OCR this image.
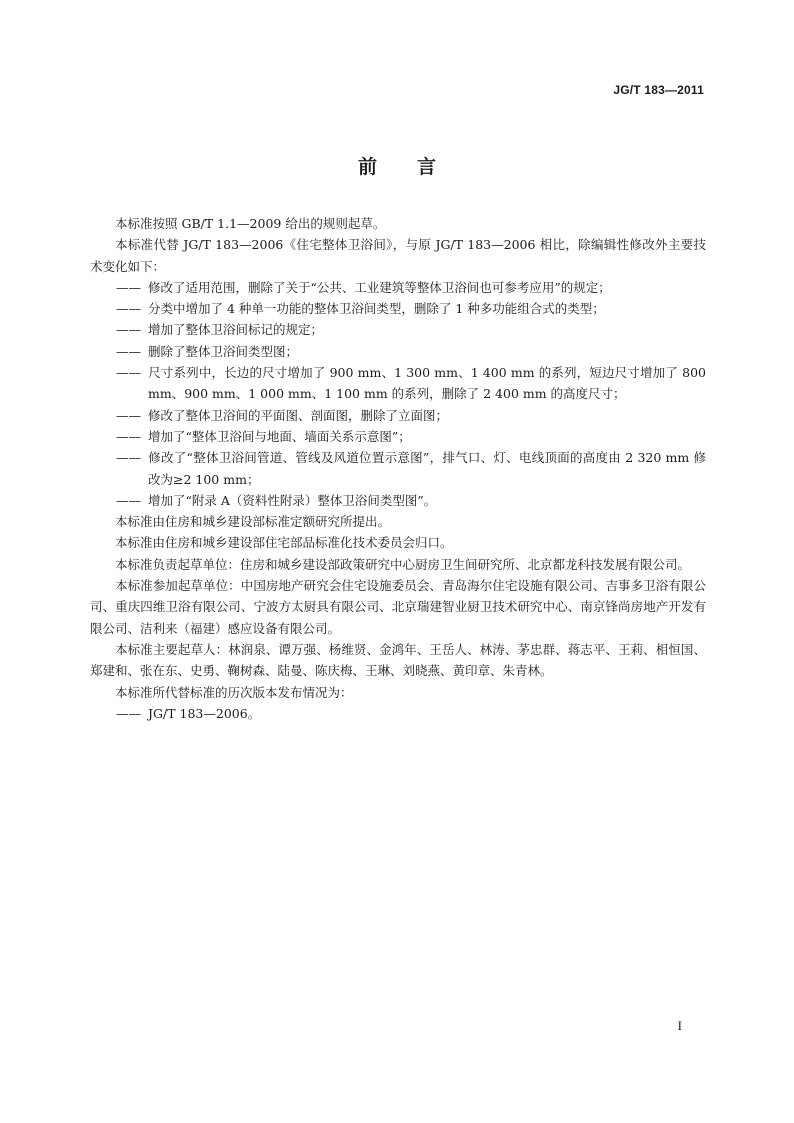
JG/T 183—2011
前言

本标准按照 GB/T 1.1—2009 给出的规则起草。

本标准代替 JG/T 183—2006《住宅整体卫浴间》，与原 JG/T 183—2006 相比，除编辑性修改外主要技术变化如下：

—— 修改了适用范围，删除了关于“公共、工业建筑等整体卫浴间也可参考应用”的规定；

—— 分类中增加了 4 种单一功能的整体卫浴间类型，删除了 1 种多功能组合式的类型；

—— 增加了整体卫浴间标记的规定；

—— 删除了整体卫浴间类型图；

—— 尺寸系列中，长边的尺寸增加了 900 mm、1 300 mm、1 400 mm 的系列，短边尺寸增加了 800 mm、900 mm、1 000 mm、1 100 mm 的系列，删除了 2 400 mm 的高度尺寸；

—— 修改了整体卫浴间的平面图、剖面图，删除了立面图；

—— 增加了“整体卫浴间与地面、墙面关系示意图”；

—— 修改了“整体卫浴间管道、管线及风道位置示意图”，排气口、灯、电线顶面的高度由 2 320 mm 修改为≥2 100 mm；

—— 增加了“附录 A（资料性附录）整体卫浴间类型图”。

本标准由住房和城乡建设部标准定额研究所提出。

本标准由住房和城乡建设部住宅部品标准化技术委员会归口。

本标准负责起草单位：住房和城乡建设部政策研究中心厨房卫生间研究所、北京都龙科技发展有限公司。

本标准参加起草单位：中国房地产研究会住宅设施委员会、青岛海尔住宅设施有限公司、吉事多卫浴有限公司、重庆四维卫浴有限公司、宁波方太厨具有限公司、北京瑞建智业厨卫技术研究中心、南京锋尚房地产开发有限公司、洁利来（福建）感应设备有限公司。

本标准主要起草人：林润泉、谭万强、杨维贤、金鸿年、王岳人、林涛、茅忠群、蒋志平、王莉、相恒国、郑建和、张在东、史勇、鞠树森、陆曼、陈庆梅、王琳、刘晓燕、黄印章、朱青林。

本标准所代替标准的历次版本发布情况为：

—— JG/T 183—2006。

I
